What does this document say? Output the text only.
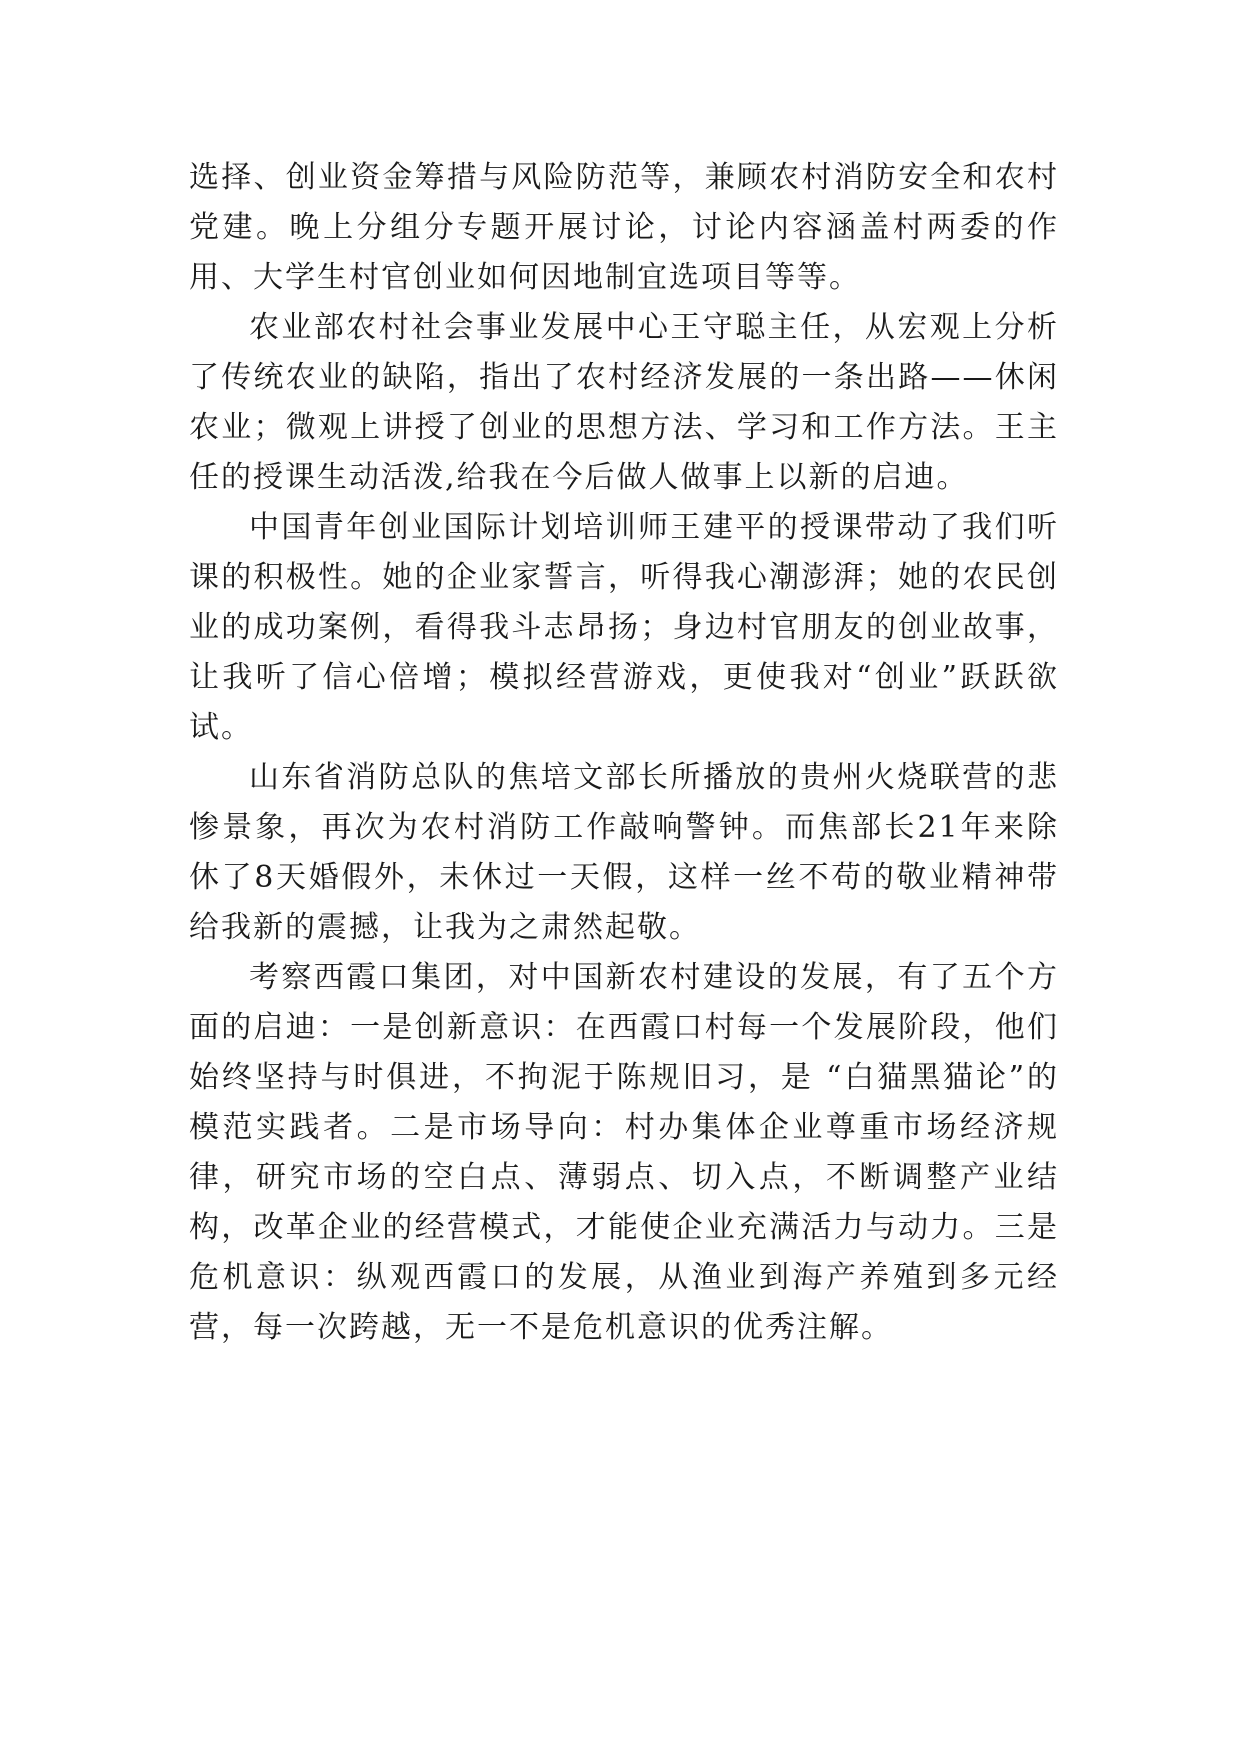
选择、创业资金筹措与风险防范等，兼顾农村消防安全和农村党建。晚上分组分专题开展讨论，讨论内容涵盖村两委的作用、大学生村官创业如何因地制宜选项目等等。

农业部农村社会事业发展中心王守聪主任，从宏观上分析了传统农业的缺陷，指出了农村经济发展的一条出路——休闲农业；微观上讲授了创业的思想方法、学习和工作方法。王主任的授课生动活泼,给我在今后做人做事上以新的启迪。

中国青年创业国际计划培训师王建平的授课带动了我们听课的积极性。她的企业家誓言，听得我心潮澎湃；她的农民创业的成功案例，看得我斗志昂扬；身边村官朋友的创业故事，让我听了信心倍增；模拟经营游戏，更使我对“创业”跃跃欲试。

山东省消防总队的焦培文部长所播放的贵州火烧联营的悲惨景象，再次为农村消防工作敲响警钟。而焦部长21年来除休了8天婚假外，未休过一天假，这样一丝不苟的敬业精神带给我新的震撼，让我为之肃然起敬。

考察西霞口集团，对中国新农村建设的发展，有了五个方面的启迪：一是创新意识：在西霞口村每一个发展阶段，他们始终坚持与时俱进，不拘泥于陈规旧习，是 “白猫黑猫论”的模范实践者。二是市场导向：村办集体企业尊重市场经济规律，研究市场的空白点、薄弱点、切入点，不断调整产业结构，改革企业的经营模式，才能使企业充满活力与动力。三是危机意识：纵观西霞口的发展，从渔业到海产养殖到多元经营，每一次跨越，无一不是危机意识的优秀注解。
